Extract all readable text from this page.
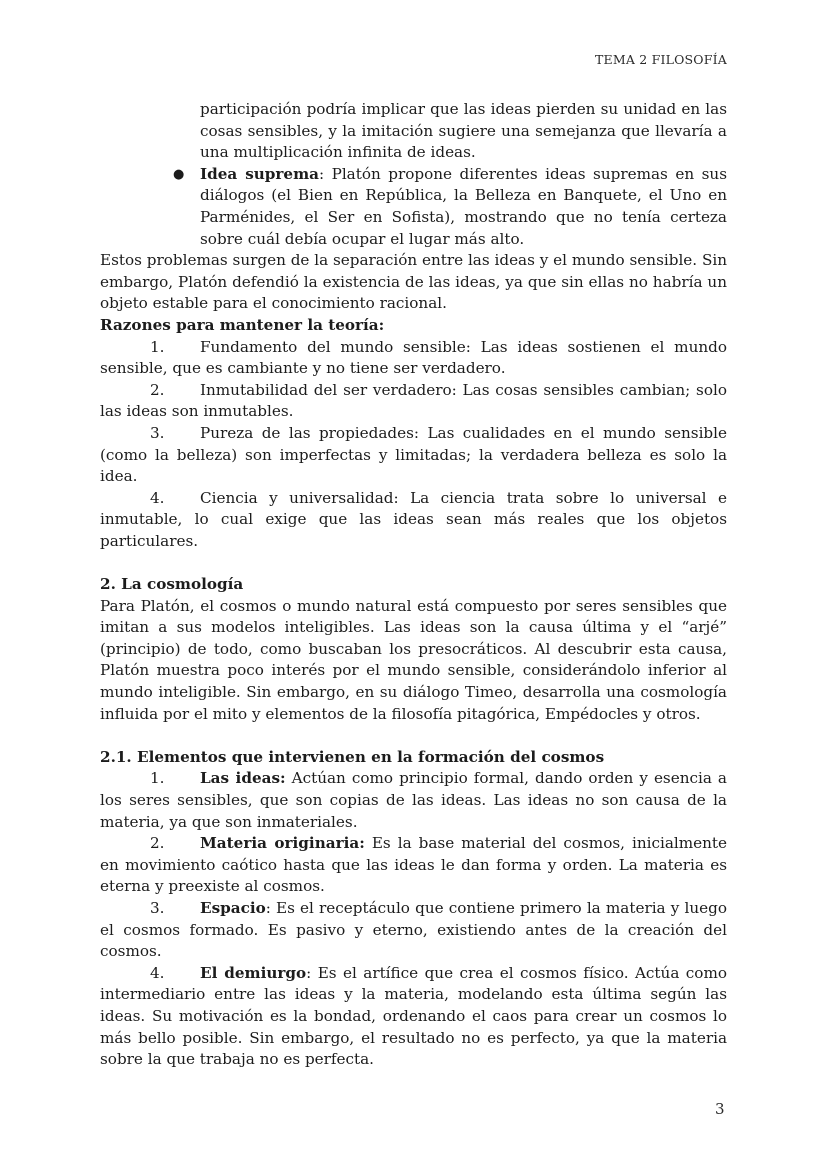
TEMA 2 FILOSOFÍA

participación podría implicar que las ideas pierden su unidad en las cosas sensibles, y la imitación sugiere una semejanza que llevaría a una multiplicación infinita de ideas.

● Idea suprema: Platón propone diferentes ideas supremas en sus diálogos (el Bien en República, la Belleza en Banquete, el Uno en Parménides, el Ser en Sofista), mostrando que no tenía certeza sobre cuál debía ocupar el lugar más alto.

Estos problemas surgen de la separación entre las ideas y el mundo sensible. Sin embargo, Platón defendió la existencia de las ideas, ya que sin ellas no habría un objeto estable para el conocimiento racional.

Razones para mantener la teoría:

1. Fundamento del mundo sensible: Las ideas sostienen el mundo sensible, que es cambiante y no tiene ser verdadero.

2. Inmutabilidad del ser verdadero: Las cosas sensibles cambian; solo las ideas son inmutables.

3. Pureza de las propiedades: Las cualidades en el mundo sensible (como la belleza) son imperfectas y limitadas; la verdadera belleza es solo la idea.

4. Ciencia y universalidad: La ciencia trata sobre lo universal e inmutable, lo cual exige que las ideas sean más reales que los objetos particulares.

2. La cosmología

Para Platón, el cosmos o mundo natural está compuesto por seres sensibles que imitan a sus modelos inteligibles. Las ideas son la causa última y el “arjé” (principio) de todo, como buscaban los presocráticos. Al descubrir esta causa, Platón muestra poco interés por el mundo sensible, considerándolo inferior al mundo inteligible. Sin embargo, en su diálogo Timeo, desarrolla una cosmología influida por el mito y elementos de la filosofía pitagórica, Empédocles y otros.

2.1. Elementos que intervienen en la formación del cosmos

1. Las ideas: Actúan como principio formal, dando orden y esencia a los seres sensibles, que son copias de las ideas. Las ideas no son causa de la materia, ya que son inmateriales.

2. Materia originaria: Es la base material del cosmos, inicialmente en movimiento caótico hasta que las ideas le dan forma y orden. La materia es eterna y preexiste al cosmos.

3. Espacio: Es el receptáculo que contiene primero la materia y luego el cosmos formado. Es pasivo y eterno, existiendo antes de la creación del cosmos.

4. El demiurgo: Es el artífice que crea el cosmos físico. Actúa como intermediario entre las ideas y la materia, modelando esta última según las ideas. Su motivación es la bondad, ordenando el caos para crear un cosmos lo más bello posible. Sin embargo, el resultado no es perfecto, ya que la materia sobre la que trabaja no es perfecta.

3
